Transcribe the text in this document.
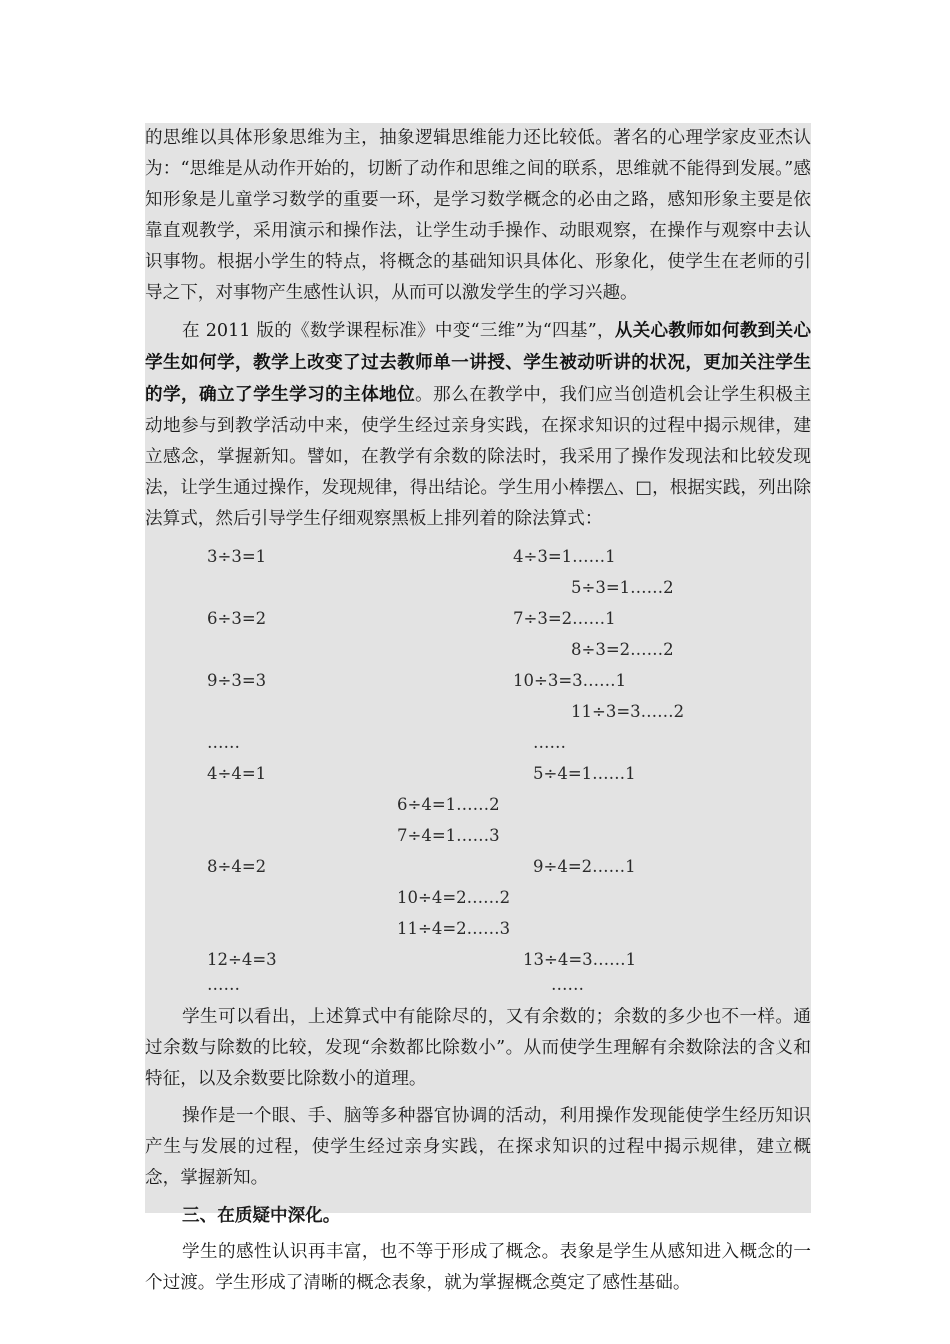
的思维以具体形象思维为主，抽象逻辑思维能力还比较低。著名的心理学家皮亚杰认为：“思维是从动作开始的，切断了动作和思维之间的联系，思维就不能得到发展。”感知形象是儿童学习数学的重要一环，是学习数学概念的必由之路，感知形象主要是依靠直观教学，采用演示和操作法，让学生动手操作、动眼观察，在操作与观察中去认识事物。根据小学生的特点，将概念的基础知识具体化、形象化，使学生在老师的引导之下，对事物产生感性认识，从而可以激发学生的学习兴趣。

在 2011 版的《数学课程标准》中变“三维”为“四基”，从关心教师如何教到关心学生如何学，教学上改变了过去教师单一讲授、学生被动听讲的状况，更加关注学生的学，确立了学生学习的主体地位。那么在教学中，我们应当创造机会让学生积极主动地参与到教学活动中来，使学生经过亲身实践，在探求知识的过程中揭示规律，建立感念，掌握新知。譬如，在教学有余数的除法时，我采用了操作发现法和比较发现法，让学生通过操作，发现规律，得出结论。学生用小棒摆△、□，根据实践，列出除法算式，然后引导学生仔细观察黑板上排列着的除法算式：

3÷3=1	4÷3=1……1
5÷3=1……2
6÷3=2	7÷3=2……1
8÷3=2……2
9÷3=3	10÷3=3……1
11÷3=3……2
……	……
4÷4=1	5÷4=1……1
6÷4=1……2
7÷4=1……3
8÷4=2	9÷4=2……1
10÷4=2……2
11÷4=2……3
12÷4=3	13÷4=3……1
……	……

学生可以看出，上述算式中有能除尽的，又有余数的；余数的多少也不一样。通过余数与除数的比较，发现“余数都比除数小”。从而使学生理解有余数除法的含义和特征，以及余数要比除数小的道理。

操作是一个眼、手、脑等多种器官协调的活动，利用操作发现能使学生经历知识产生与发展的过程，使学生经过亲身实践，在探求知识的过程中揭示规律，建立概念，掌握新知。

三、在质疑中深化。

学生的感性认识再丰富，也不等于形成了概念。表象是学生从感知进入概念的一个过渡。学生形成了清晰的概念表象，就为掌握概念奠定了感性基础。
